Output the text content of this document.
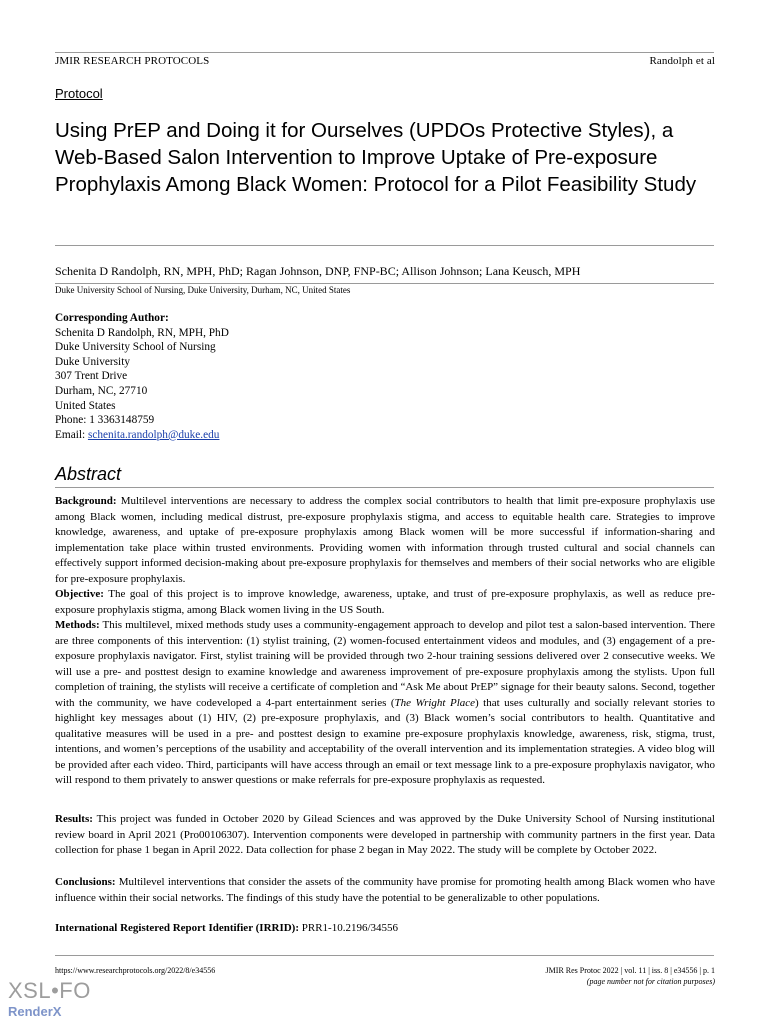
JMIR RESEARCH PROTOCOLS	Randolph et al
Protocol
Using PrEP and Doing it for Ourselves (UPDOs Protective Styles), a Web-Based Salon Intervention to Improve Uptake of Pre-exposure Prophylaxis Among Black Women: Protocol for a Pilot Feasibility Study
Schenita D Randolph, RN, MPH, PhD; Ragan Johnson, DNP, FNP-BC; Allison Johnson; Lana Keusch, MPH
Duke University School of Nursing, Duke University, Durham, NC, United States
Corresponding Author:
Schenita D Randolph, RN, MPH, PhD
Duke University School of Nursing
Duke University
307 Trent Drive
Durham, NC, 27710
United States
Phone: 1 3363148759
Email: schenita.randolph@duke.edu
Abstract
Background: Multilevel interventions are necessary to address the complex social contributors to health that limit pre-exposure prophylaxis use among Black women, including medical distrust, pre-exposure prophylaxis stigma, and access to equitable health care. Strategies to improve knowledge, awareness, and uptake of pre-exposure prophylaxis among Black women will be more successful if information-sharing and implementation take place within trusted environments. Providing women with information through trusted cultural and social channels can effectively support informed decision-making about pre-exposure prophylaxis for themselves and members of their social networks who are eligible for pre-exposure prophylaxis.
Objective: The goal of this project is to improve knowledge, awareness, uptake, and trust of pre-exposure prophylaxis, as well as reduce pre-exposure prophylaxis stigma, among Black women living in the US South.
Methods: This multilevel, mixed methods study uses a community-engagement approach to develop and pilot test a salon-based intervention. There are three components of this intervention: (1) stylist training, (2) women-focused entertainment videos and modules, and (3) engagement of a pre-exposure prophylaxis navigator. First, stylist training will be provided through two 2-hour training sessions delivered over 2 consecutive weeks. We will use a pre- and posttest design to examine knowledge and awareness improvement of pre-exposure prophylaxis among the stylists. Upon full completion of training, the stylists will receive a certificate of completion and “Ask Me about PrEP” signage for their beauty salons. Second, together with the community, we have codeveloped a 4-part entertainment series (The Wright Place) that uses culturally and socially relevant stories to highlight key messages about (1) HIV, (2) pre-exposure prophylaxis, and (3) Black women’s social contributors to health. Quantitative and qualitative measures will be used in a pre- and posttest design to examine pre-exposure prophylaxis knowledge, awareness, risk, stigma, trust, intentions, and women’s perceptions of the usability and acceptability of the overall intervention and its implementation strategies. A video blog will be provided after each video. Third, participants will have access through an email or text message link to a pre-exposure prophylaxis navigator, who will respond to them privately to answer questions or make referrals for pre-exposure prophylaxis as requested.
Results: This project was funded in October 2020 by Gilead Sciences and was approved by the Duke University School of Nursing institutional review board in April 2021 (Pro00106307). Intervention components were developed in partnership with community partners in the first year. Data collection for phase 1 began in April 2022. Data collection for phase 2 began in May 2022. The study will be complete by October 2022.
Conclusions: Multilevel interventions that consider the assets of the community have promise for promoting health among Black women who have influence within their social networks. The findings of this study have the potential to be generalizable to other populations.
International Registered Report Identifier (IRRID): PRR1-10.2196/34556
https://www.researchprotocols.org/2022/8/e34556	JMIR Res Protoc 2022 | vol. 11 | iss. 8 | e34556 | p. 1
(page number not for citation purposes)
XSL•FO
RenderX
